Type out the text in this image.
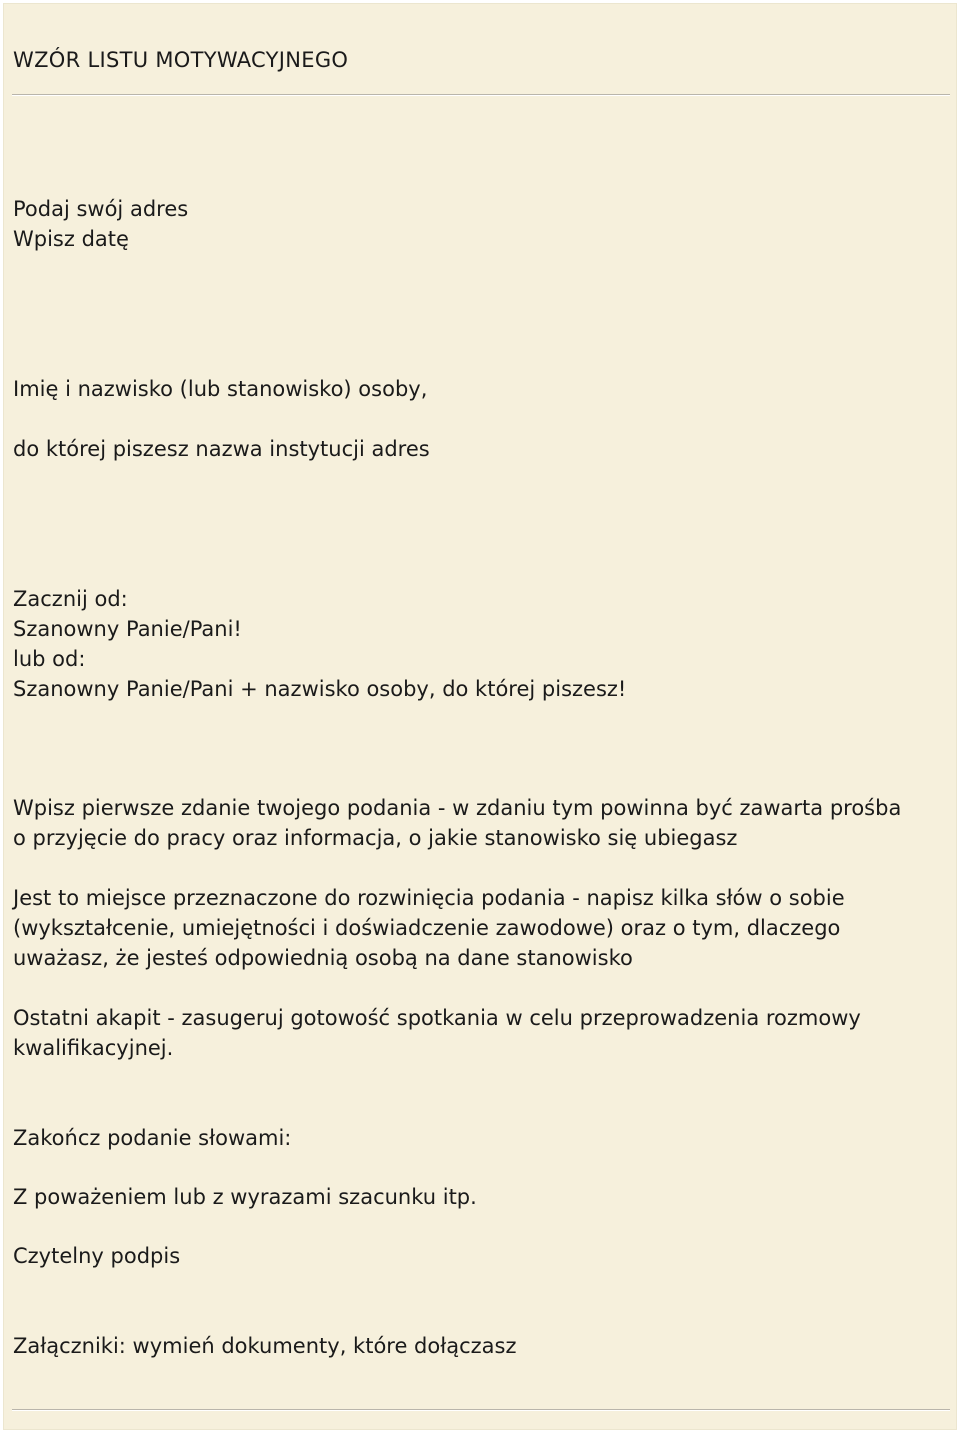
WZÓR LISTU MOTYWACYJNEGO
Podaj swój adres
Wpisz datę
Imię i nazwisko (lub stanowisko) osoby,
do której piszesz nazwa instytucji adres
Zacznij od:
Szanowny Panie/Pani!
lub od:
Szanowny Panie/Pani + nazwisko osoby, do której piszesz!
Wpisz pierwsze zdanie twojego podania - w zdaniu tym powinna być zawarta prośba
o przyjęcie do pracy oraz informacja, o jakie stanowisko się ubiegasz
Jest to miejsce przeznaczone do rozwinięcia podania - napisz kilka słów o sobie
(wykształcenie, umiejętności i doświadczenie zawodowe) oraz o tym, dlaczego
uważasz, że jesteś odpowiednią osobą na dane stanowisko
Ostatni akapit - zasugeruj gotowość spotkania w celu przeprowadzenia rozmowy
kwalifikacyjnej.
Zakończ podanie słowami:
Z poważeniem lub z wyrazami szacunku itp.
Czytelny podpis
Załączniki: wymień dokumenty, które dołączasz
